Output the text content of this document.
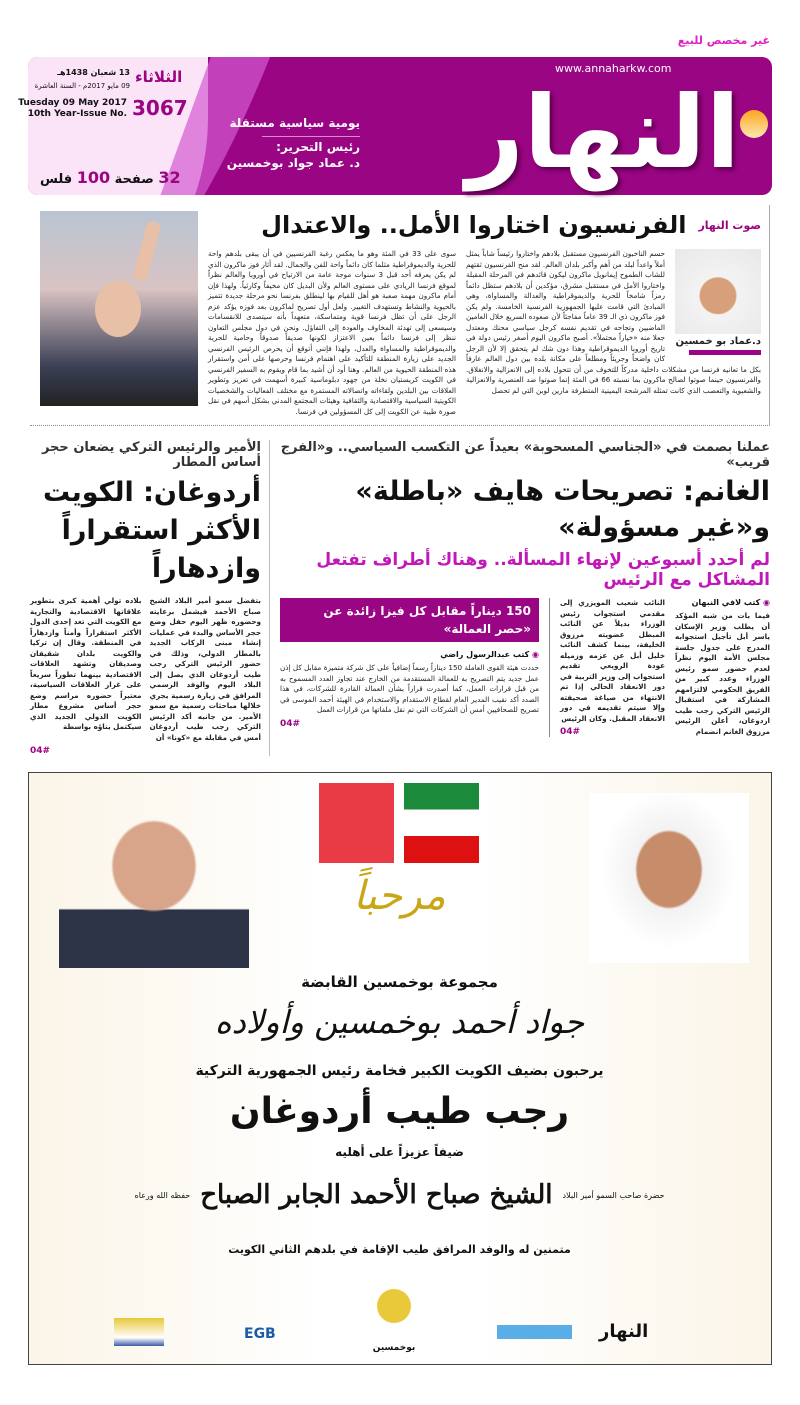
غير مخصص للبيع
www.annaharkw.com
النهار
يومية سياسية مستقلة
رئيس التحرير:
د. عماد جواد بوخمسين
الثلاثاء
13 شعبان 1438هـ
09 مايو 2017م - السنة العاشرة
Tuesday 09 May 2017
10th Year-Issue No. 3067
32 صفحة 100 فلس
صوت النهار
الفرنسيون اختاروا الأمل.. والاعتدال
د.عماد بو خمسين
حسم الناخبون الفرنسيون مستقبل بلادهم واختاروا رئيساً شاباً يمثل أملاً واعداً لبلد من أهم وأكبر بلدان العالم. لقد منح الفرنسيون ثقتهم للشاب الطموح إيمانويل ماكرون ليكون قائدهم في المرحلة المقبلة واختاروا الأمل في مستقبل مشرق، مؤكدين أن بلادهم ستظل دائماً رمزاً شامخاً للحرية والديموقراطية والعدالة والمساواة، وهي المبادئ التي قامت عليها الجمهورية الفرنسية الخامسة. ولم يكن فوز ماكرون ذي الـ 39 عاماً مفاجئاً لأن صعوده السريع خلال العامين الماضيين وتجاحه في تقديم نفسه كرجل سياسي محنك ومعتدل جعلا منه «خياراً محتملاً». أصبح ماكرون اليوم أصغر رئيس دولة في تاريخ أوروبا الديموقراطية وهذا دون شك لم يتحقق إلا لأن الرجل كان واضحاً وجريئاً ومطلعاً على مكانة بلده بين دول العالم عارفاً بكل ما تعانيه فرنسا من مشكلات داخلية مدركاً للتخوف من أن تتحول بلاده إلى الانعزالية والانغلاق. والفرنسيون حينما صوتوا لصالح ماكرون بما نسبته 66 في المئة إنما صوتوا ضد العنصرية والانعزالية والشعبوية والتعصب الذي كانت تمثله المرشحة اليمينية المتطرفة مارين لوبن التي لم تحصل
سوى على 33 في المئة وهو ما يعكس رغبة الفرنسيين في أن يبقى بلدهم واحة للحرية والديموقراطية مثلما كان دائماً واحة للفن والجمال. لقد أثار فوز ماكرون الذي لم يكن يعرفه أحد قبل 3 سنوات موجة عامة من الارتياح في أوروبا والعالم نظراً لموقع فرنسا الريادي على مستوى العالم ولأن البديل كان مخيفاً وكارثياً. ولهذا فإن أمام ماكرون مهمة صعبة هو أهل للقيام بها لينطلق بفرنسا نحو مرحلة جديدة تتميز بالحيوية والنشاط وتستهدف التغيير. ولعل أول تصريح لماكرون بعد فوزه يؤكد عزم الرجل على أن تظل فرنسا قوية ومتماسكة، متعهداً بأنه سيتصدى للانقسامات وسيسعى إلى تهدئة المخاوف والعودة إلى التفاؤل. ونحن في دول مجلس التعاون ننظر إلى فرنسا دائماً بعين الاعتزاز لكونها صديقاً صدوقاً وحامية للحرية والديموقراطية والمساواة والعدل، ولهذا فإنني أتوقع أن يحرص الرئيس الفرنسي الجديد على زيارة المنطقة للتأكيد على اهتمام فرنسا وحرصها على أمن واستقرار هذه المنطقة الحيوية من العالم. وهنا أود أن أشيد بما قام ويقوم به السفير الفرنسي في الكويت كريستيان نخلة من جهود دبلوماسية كبيرة أسهمت في تعزيز وتطوير العلاقات بين البلدين ولقاءاته واتصالاته المستمرة مع مختلف الفعاليات والشخصيات الكويتية السياسية والاقتصادية والثقافية وهيئات المجتمع المدني بشكل أسهم في نقل صورة طيبة عن الكويت إلى كل المسؤولين في فرنسا.
عملنا بصمت في «الجناسي المسحوبة» بعيداً عن التكسب السياسي.. و«الفرج قريب»
الغانم: تصريحات هايف «باطلة» و«غير مسؤولة»
لم أحدد أسبوعين لإنهاء المسألة.. وهناك أطراف تفتعل المشاكل مع الرئيس
◉ كتب لافي النبهان
فيما بات من شبه المؤكد أن يطلب وزير الإسكان ياسر أبل تأجيل استجوابه المدرج على جدول جلسة مجلس الأمة اليوم نظراً لعدم حضور سمو رئيس الوزراء وعدد كبير من الفريق الحكومي لالتزامهم المشاركة في استقبال الرئيس التركي رجب طيب اردوغان، أعلن الرئيس مرزوق الغانم انضمام
النائب شعيب المويزري إلى مقدمي استجواب رئيس الوزراء بديلاً عن النائب المبطل عضويته مرزوق الخليفة، بينما كشف النائب خليل أبل عن عزمه وزميله عودة الرويعي تقديم استجواب إلى وزير التربية في دور الانعقاد الحالي إذا تم الانتهاء من صياغة صحيفته وإلا سيتم تقديمه في دور الانعقاد المقبل. وكان الرئيس
04#
150 ديناراً مقابل كل فيزا زائدة عن «حصر العمالة»
◉ كتب عبدالرسول راضي
حددت هيئة القوى العاملة 150 ديناراً رسماً إضافياً على كل شركة متميزة مقابل كل إذن عمل جديد يتم التصريح به للعمالة المستقدمة من الخارج عند تجاوز العدد المسموح به من قبل قرارات العمل، كما أصدرت قراراً بشأن العمالة القادرة للشركات، في هذا الصدد أكد نقيب المدير العام لقطاع الاستقدام والاستخدام في الهيئة أحمد الموسى في تصريح للصحافيين أمس أن الشركات التي تم نقل ملفاتها من قرارات العمل
04#
الأمير والرئيس التركي يضعان حجر أساس المطار
أردوغان: الكويت الأكثر استقراراً وازدهاراً
بتفضل سمو أمير البلاد الشيخ صباح الأحمد فيشمل برعايته وحضوره ظهر اليوم حفل وضع حجر الأساس والبدء في عمليات إنشاء مبنى الركاب الجديد بالمطار الدولي، وذلك في حضور الرئيس التركي رجب طيب أردوغان الذي يصل إلى البلاد اليوم والوفد الرسمي المرافق في زيارة رسمية يجري خلالها مباحثات رسمية مع سمو الأمير. من جانبه أكد الرئيس التركي رجب طيب أردوغان أمس في مقابلة مع «كونا» أن
بلاده تولي أهمية كبرى بتطوير علاقاتها الاقتصادية والتجارية مع الكويت التي تعد إحدى الدول الأكثر استقراراً وأمناً وازدهاراً في المنطقة. وقال إن تركيا والكويت بلدان شقيقان وصديقان وتشهد العلاقات الاقتصادية بينهما تطوراً سريعاً على غرار العلاقات السياسية، معتبراً حضوره مراسم وضع حجر أساس مشروع مطار الكويت الدولي الجديد الذي سيكتمل بناؤه بواسطة
04#
مرحباً
مجموعة بوخمسين القابضة
جواد أحمد بوخمسين وأولاده
يرحبون بضيف الكويت الكبير فخامة رئيس الجمهورية التركية
رجب طيب أردوغان
ضيفاً عزيزاً على أهليه
حضرة صاحب السمو أمير البلاد
الشيخ صباح الأحمد الجابر الصباح
حفظه الله ورعاه
متمنين له والوفد المرافق طيب الإقامة في بلدهم الثاني الكويت
النهار
EGB
بوخمسين
